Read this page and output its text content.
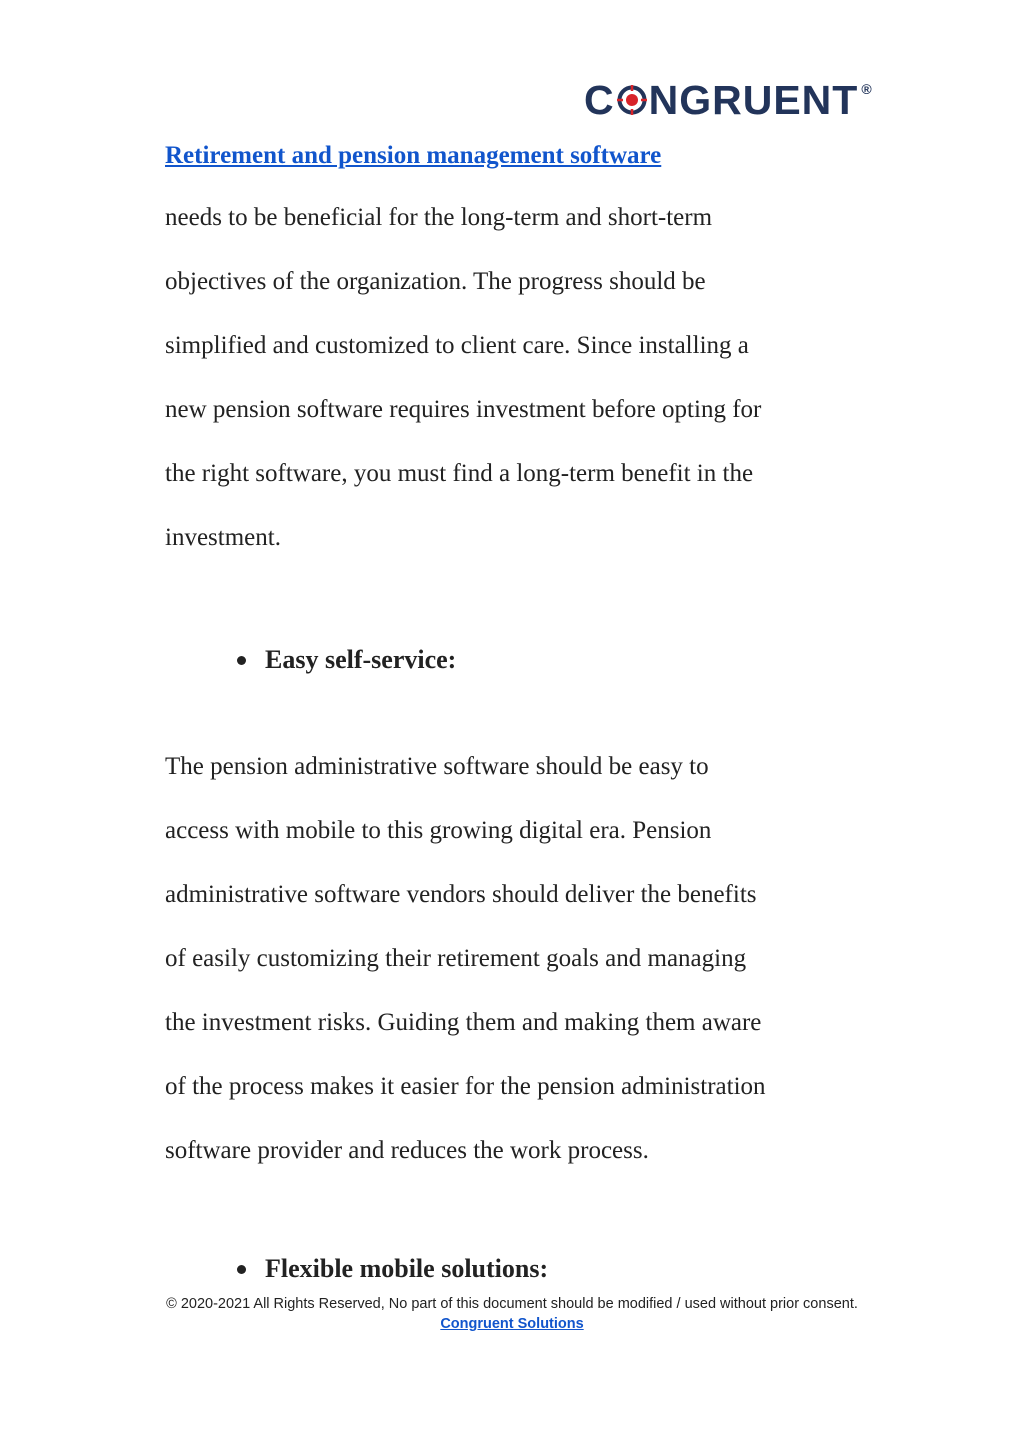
C NGRUENT ®
Retirement and pension management software

needs to be beneficial for the long-term and short-term
objectives of the organization. The progress should be
simplified and customized to client care. Since installing a
new pension software requires investment before opting for
the right software, you must find a long-term benefit in the
investment.

Easy self-service:

The pension administrative software should be easy to
access with mobile to this growing digital era. Pension
administrative software vendors should deliver the benefits
of easily customizing their retirement goals and managing
the investment risks. Guiding them and making them aware
of the process makes it easier for the pension administration
software provider and reduces the work process.

Flexible mobile solutions:
© 2020-2021 All Rights Reserved, No part of this document should be modified / used without prior consent.
Congruent Solutions
